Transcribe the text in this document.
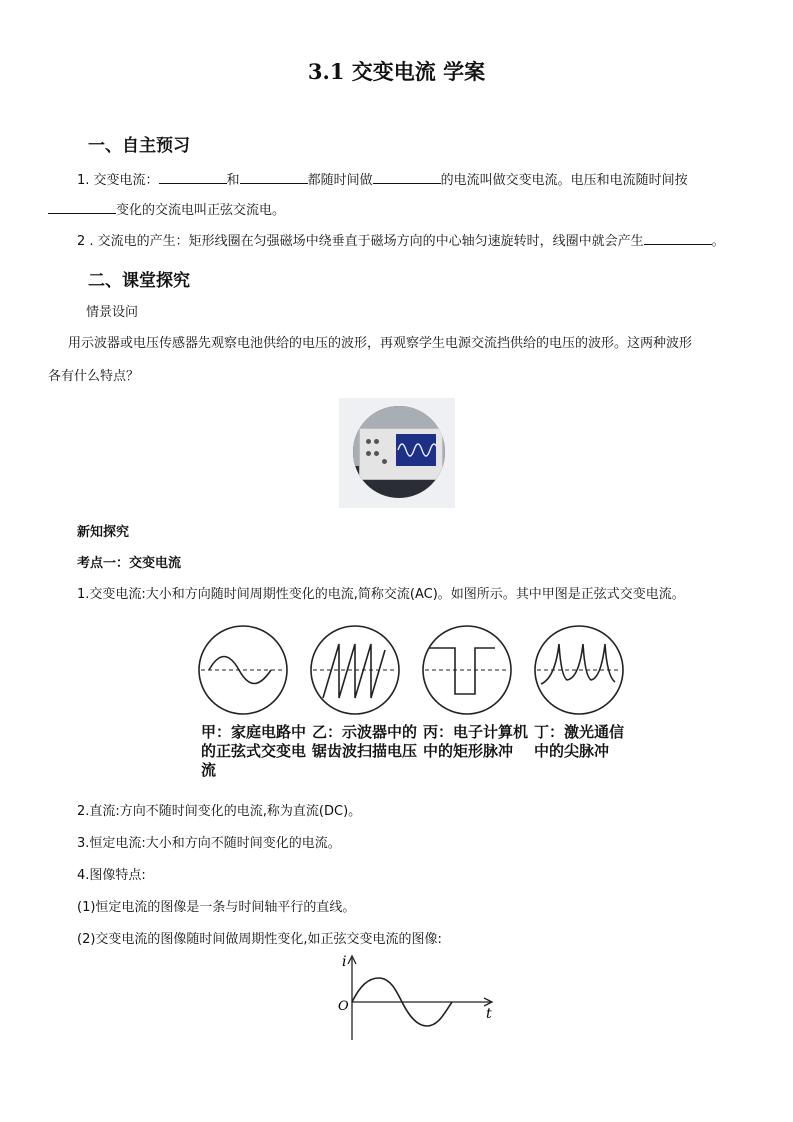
3.1 交变电流 学案
一、自主预习
1. 交变电流：	和	都随时间做	的电流叫做交变电流。电压和电流随时间按
变化的交流电叫正弦交流电。
2 . 交流电的产生：矩形线圈在匀强磁场中绕垂直于磁场方向的中心轴匀速旋转时，线圈中就会产生	。
二、课堂探究
情景设问
用示波器或电压传感器先观察电池供给的电压的波形，再观察学生电源交流挡供给的电压的波形。这两种波形
各有什么特点？
新知探究
考点一：交变电流
1.交变电流:大小和方向随时间周期性变化的电流,简称交流(AC)。如图所示。其中甲图是正弦式交变电流。
甲：家庭电路中的正弦式交变电流
乙：示波器中的锯齿波扫描电压
丙：电子计算机中的矩形脉冲
丁：激光通信中的尖脉冲
2.直流:方向不随时间变化的电流,称为直流(DC)。
3.恒定电流:大小和方向不随时间变化的电流。
4.图像特点:
(1)恒定电流的图像是一条与时间轴平行的直线。
(2)交变电流的图像随时间做周期性变化,如正弦交变电流的图像:
i
O	t
